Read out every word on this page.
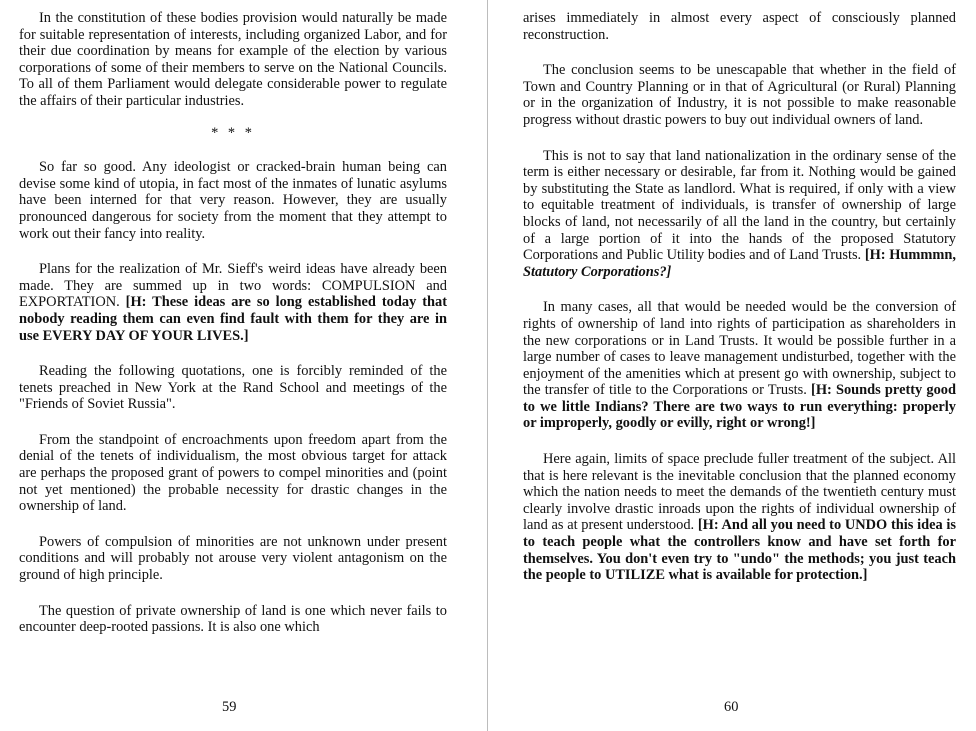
In the constitution of these bodies provision would naturally be made for suitable representation of interests, including organized Labor, and for their due coordination by means for example of the election by various corporations of some of their members to serve on the National Councils. To all of them Parliament would delegate considerable power to regulate the affairs of their particular industries.

* * *

So far so good. Any ideologist or cracked-brain human being can devise some kind of utopia, in fact most of the inmates of lunatic asylums have been interned for that very reason. However, they are usually pronounced dangerous for society from the moment that they attempt to work out their fancy into reality.

Plans for the realization of Mr. Sieff's weird ideas have already been made. They are summed up in two words: COMPULSION and EXPORTATION. [H: These ideas are so long established today that nobody reading them can even find fault with them for they are in use EVERY DAY OF YOUR LIVES.]

Reading the following quotations, one is forcibly reminded of the tenets preached in New York at the Rand School and meetings of the "Friends of Soviet Russia".

From the standpoint of encroachments upon freedom apart from the denial of the tenets of individualism, the most obvious target for attack are perhaps the proposed grant of powers to compel minorities and (point not yet mentioned) the probable necessity for drastic changes in the ownership of land.

Powers of compulsion of minorities are not unknown under present conditions and will probably not arouse very violent antagonism on the ground of high principle.

The question of private ownership of land is one which never fails to encounter deep-rooted passions. It is also one which

59

arises immediately in almost every aspect of consciously planned reconstruction.

The conclusion seems to be unescapable that whether in the field of Town and Country Planning or in that of Agricultural (or Rural) Planning or in the organization of Industry, it is not possible to make reasonable progress without drastic powers to buy out individual owners of land.

This is not to say that land nationalization in the ordinary sense of the term is either necessary or desirable, far from it. Nothing would be gained by substituting the State as landlord. What is required, if only with a view to equitable treatment of individuals, is transfer of ownership of large blocks of land, not necessarily of all the land in the country, but certainly of a large portion of it into the hands of the proposed Statutory Corporations and Public Utility bodies and of Land Trusts. [H: Hummmn, Statutory Corporations?]

In many cases, all that would be needed would be the conversion of rights of ownership of land into rights of participation as shareholders in the new corporations or in Land Trusts. It would be possible further in a large number of cases to leave management undisturbed, together with the enjoyment of the amenities which at present go with ownership, subject to the transfer of title to the Corporations or Trusts. [H: Sounds pretty good to we little Indians? There are two ways to run everything: properly or improperly, goodly or evilly, right or wrong!]

Here again, limits of space preclude fuller treatment of the subject. All that is here relevant is the inevitable conclusion that the planned economy which the nation needs to meet the demands of the twentieth century must clearly involve drastic inroads upon the rights of individual ownership of land as at present understood. [H: And all you need to UNDO this idea is to teach people what the controllers know and have set forth for themselves. You don't even try to "undo" the methods; you just teach the people to UTILIZE what is available for protection.]

60
